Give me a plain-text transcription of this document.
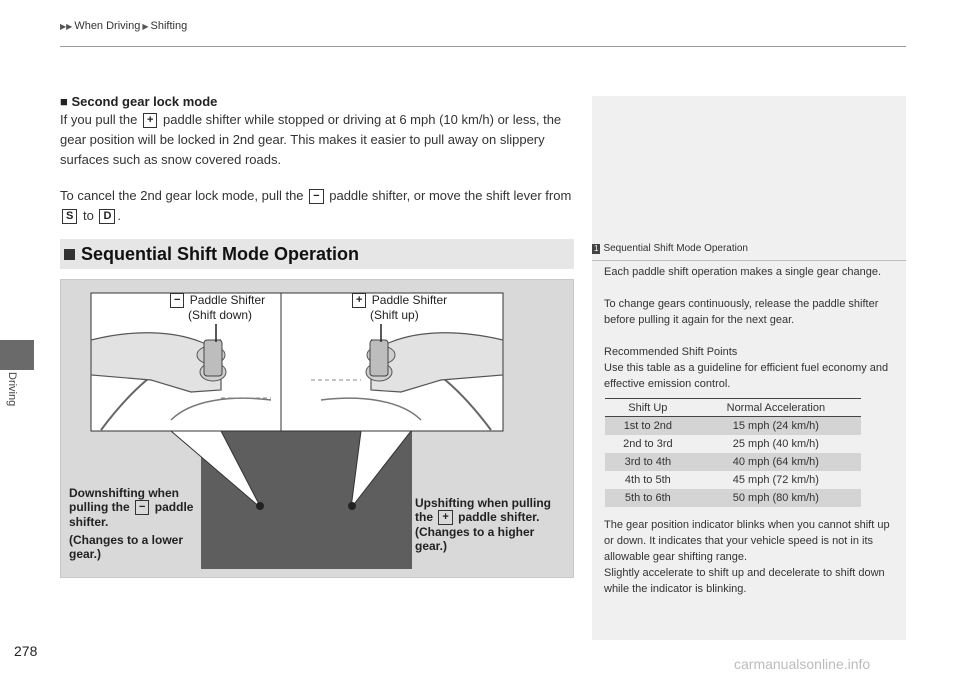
Driving
▶▶ When Driving ▶ Shifting
■ Second gear lock mode
If you pull the + paddle shifter while stopped or driving at 6 mph (10 km/h) or less, the gear position will be locked in 2nd gear. This makes it easier to pull away on slippery surfaces such as snow covered roads.
To cancel the 2nd gear lock mode, pull the − paddle shifter, or move the shift lever from S to D .
Sequential Shift Mode Operation
− Paddle Shifter
(Shift down)
+ Paddle Shifter
(Shift up)
Downshifting when
pulling the − paddle
shifter.
(Changes to a lower
gear.)
Upshifting when pulling
the + paddle shifter.
(Changes to a higher
gear.)
1 Sequential Shift Mode Operation
Each paddle shift operation makes a single gear change.
To change gears continuously, release the paddle shifter before pulling it again for the next gear.
Recommended Shift Points
Use this table as a guideline for efficient fuel economy and effective emission control.
Shift Up	Normal Acceleration
1st to 2nd	15 mph (24 km/h)
2nd to 3rd	25 mph (40 km/h)
3rd to 4th	40 mph (64 km/h)
4th to 5th	45 mph (72 km/h)
5th to 6th	50 mph (80 km/h)
The gear position indicator blinks when you cannot shift up or down. It indicates that your vehicle speed is not in its allowable gear shifting range.
Slightly accelerate to shift up and decelerate to shift down while the indicator is blinking.
278
carmanualsonline.info
